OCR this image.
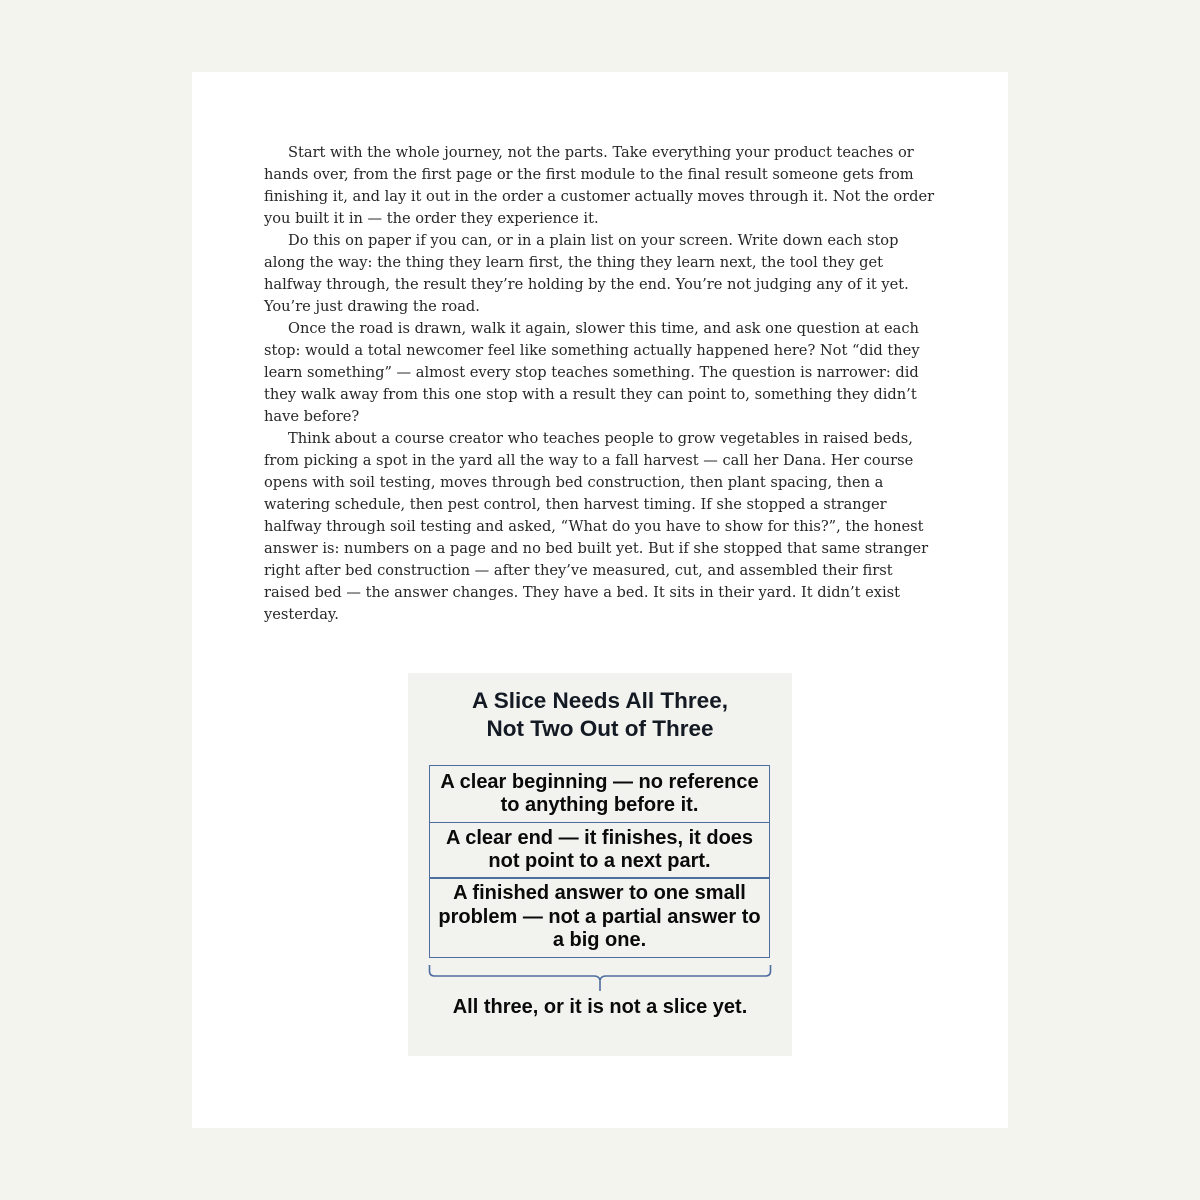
Start with the whole journey, not the parts. Take everything your product teaches or hands over, from the first page or the first module to the final result someone gets from finishing it, and lay it out in the order a customer actually moves through it. Not the order you built it in — the order they experience it.

Do this on paper if you can, or in a plain list on your screen. Write down each stop along the way: the thing they learn first, the thing they learn next, the tool they get halfway through, the result they’re holding by the end. You’re not judging any of it yet. You’re just drawing the road.

Once the road is drawn, walk it again, slower this time, and ask one question at each stop: would a total newcomer feel like something actually happened here? Not “did they learn something” — almost every stop teaches something. The question is narrower: did they walk away from this one stop with a result they can point to, something they didn’t have before?

Think about a course creator who teaches people to grow vegetables in raised beds, from picking a spot in the yard all the way to a fall harvest — call her Dana. Her course opens with soil testing, moves through bed construction, then plant spacing, then a watering schedule, then pest control, then harvest timing. If she stopped a stranger halfway through soil testing and asked, “What do you have to show for this?”, the honest answer is: numbers on a page and no bed built yet. But if she stopped that same stranger right after bed construction — after they’ve measured, cut, and assembled their first raised bed — the answer changes. They have a bed. It sits in their yard. It didn’t exist yesterday.

A Slice Needs All Three,
Not Two Out of Three
A clear beginning — no reference to anything before it.
A clear end — it finishes, it does not point to a next part.
A finished answer to one small problem — not a partial answer to a big one.
All three, or it is not a slice yet.
